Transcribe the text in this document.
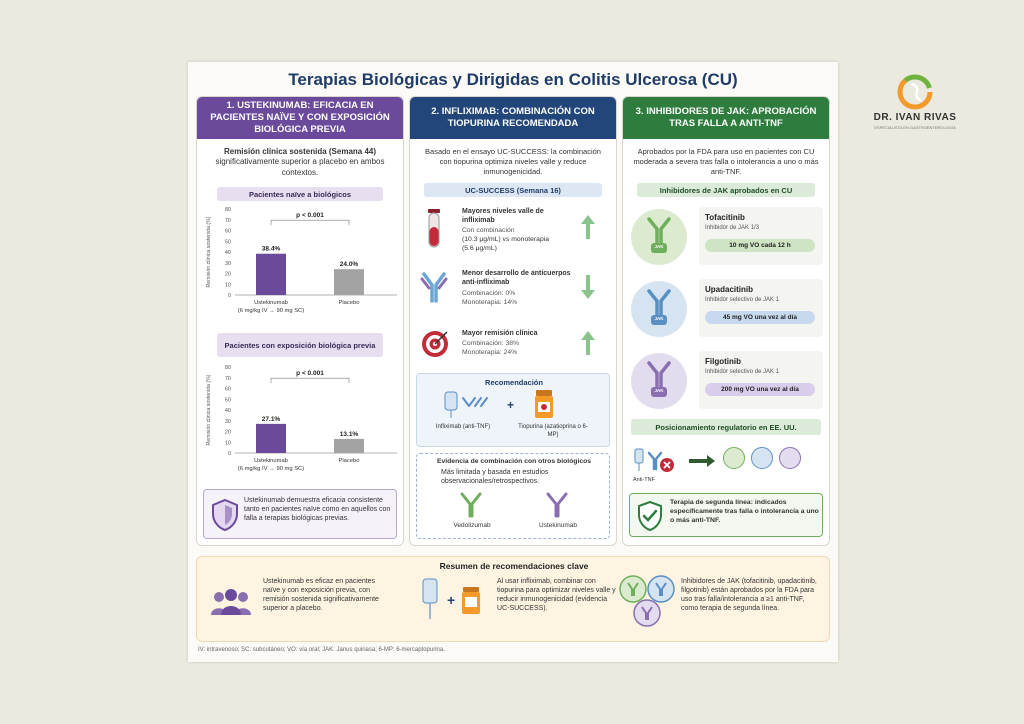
DR. IVAN RIVAS
ESPECIALISTA EN GASTROENTEROLOGÍA
Terapias Biológicas y Dirigidas en Colitis Ulcerosa (CU)
1. USTEKINUMAB: EFICACIA EN PACIENTES NAÏVE Y CON EXPOSICIÓN BIOLÓGICA PREVIA
Remisión clínica sostenida (Semana 44)
significativamente superior a placebo en ambos contextos.
Pacientes naïve a biológicos
Remisión clínica sostenida (%)
0
10
20
30
40
50
60
70
80
38.4%
Ustekinumab
(6 mg/kg IV → 90 mg SC)
24.0%
Placebo
p < 0.001
Pacientes con exposición biológica previa
Remisión clínica sostenida (%)
0
10
20
30
40
50
60
70
80
27.1%
Ustekinumab
(6 mg/kg IV → 90 mg SC)
13.1%
Placebo
p < 0.001
Ustekinumab demuestra eficacia consistente tanto en pacientes naïve como en aquellos con falla a terapias biológicas previas.
2. INFLIXIMAB: COMBINACIÓN CON TIOPURINA RECOMENDADA
Basado en el ensayo UC-SUCCESS: la combinación con tiopurina optimiza niveles valle y reduce inmunogenicidad.
UC-SUCCESS (Semana 16)
Mayores niveles valle de infliximab
Con combinación
(10.3 µg/mL) vs monoterapia
(5.6 µg/mL)
Menor desarrollo de anticuerpos anti-infliximab
Combinación: 0%
Monoterapia: 14%
Mayor remisión clínica
Combinación: 38%
Monoterapia: 24%
Recomendación
+
Infliximab (anti-TNF)	Tiopurina (azatioprina o 6-MP)
Evidencia de combinación con otros biológicos
Más limitada y basada en estudios observacionales/retrospectivos.
Vedolizumab	Ustekinumab
3. INHIBIDORES DE JAK: APROBACIÓN TRAS FALLA A ANTI-TNF
Aprobados por la FDA para uso en pacientes con CU moderada a severa tras falla o intolerancia a uno o más anti-TNF.
Inhibidores de JAK aprobados en CU
JAK
Tofacitinib
Inhibidor de JAK 1/3
10 mg VO cada 12 h
JAK
Upadacitinib
Inhibidor selectivo de JAK 1
45 mg VO una vez al día
JAK
Filgotinib
Inhibidor selectivo de JAK 1
200 mg VO una vez al día
Posicionamiento regulatorio en EE. UU.
Anti-TNF
Terapia de segunda línea: indicados específicamente tras falla o intolerancia a uno o más anti-TNF.
Resumen de recomendaciones clave
Ustekinumab es eficaz en pacientes naïve y con exposición previa, con remisión sostenida significativamente superior a placebo.
+
Al usar infliximab, combinar con tiopurina para optimizar niveles valle y reducir inmunogenicidad (evidencia UC-SUCCESS).
Inhibidores de JAK (tofacitinib, upadacitinib, filgotinib) están aprobados por la FDA para uso tras falla/intolerancia a ≥1 anti-TNF, como terapia de segunda línea.
IV: intravenoso; SC: subcutáneo; VO: vía oral; JAK: Janus quinasa; 6-MP: 6-mercaptopurina.
